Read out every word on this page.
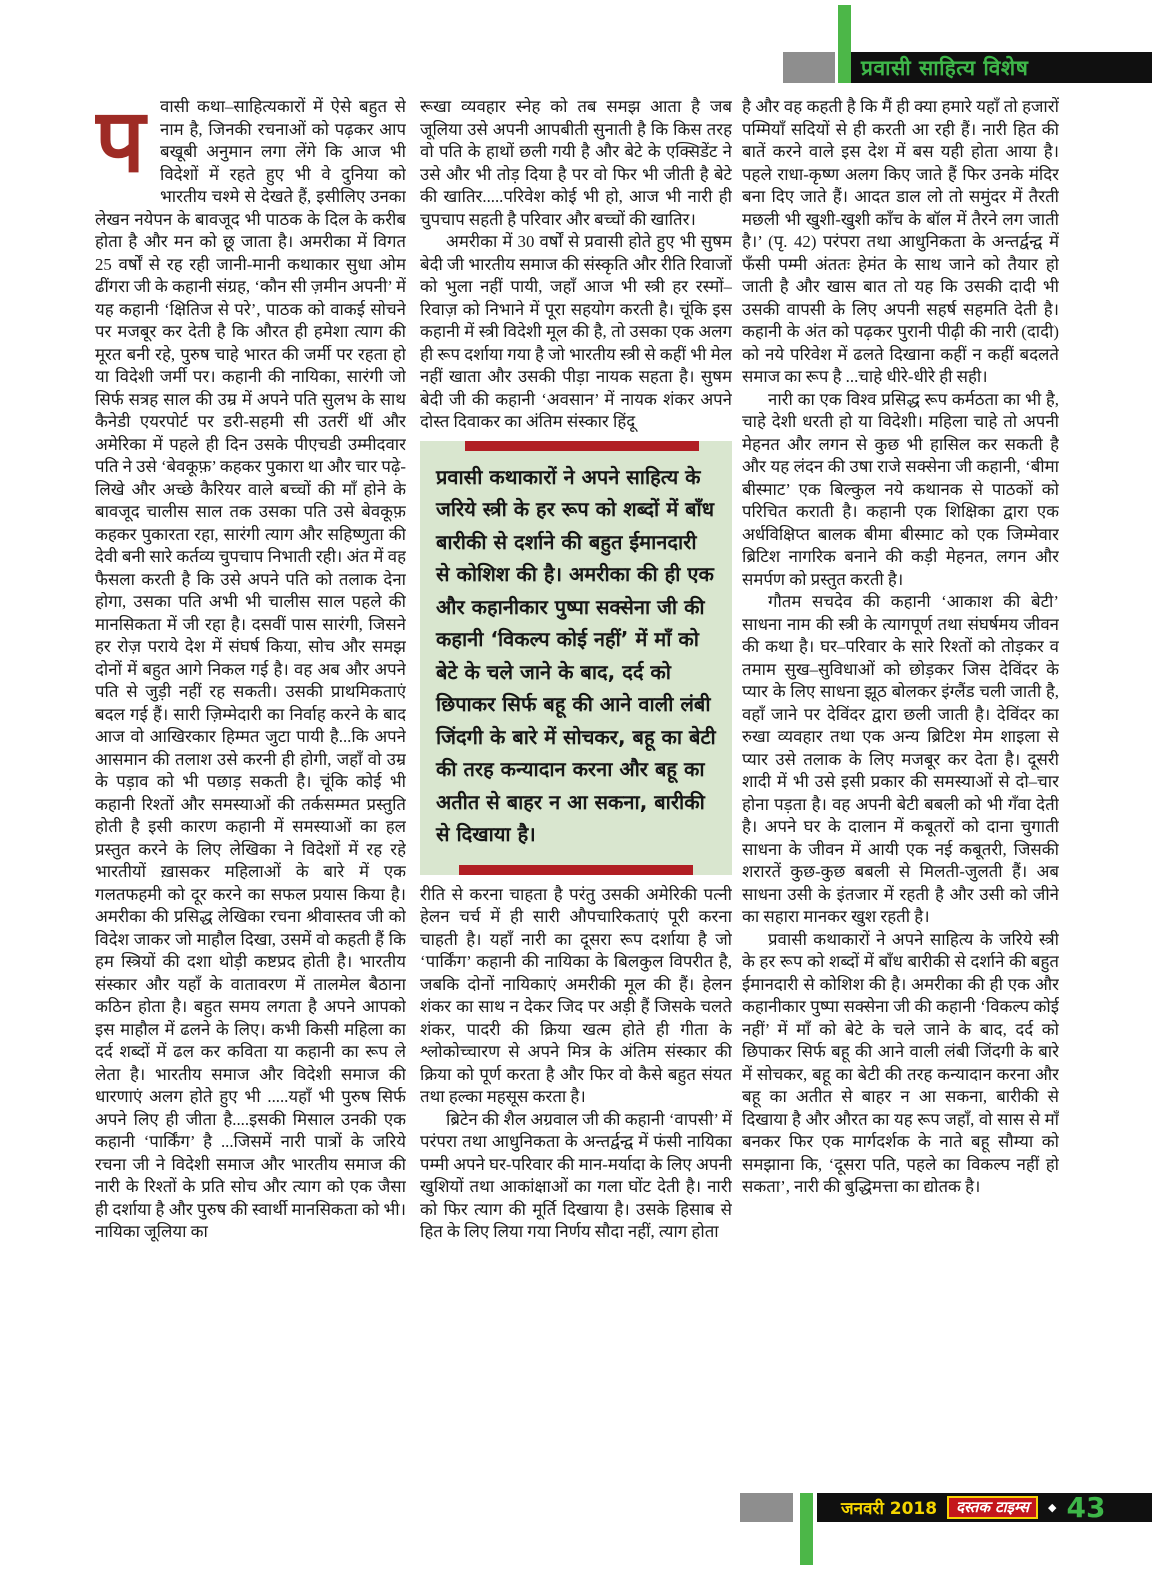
प्रवासी साहित्य विशेष

पवासी कथा–साहित्यकारों में ऐसे बहुत से नाम है, जिनकी रचनाओं को पढ़कर आप बखूबी अनुमान लगा लेंगे कि आज भी विदेशों में रहते हुए भी वे दुनिया को भारतीय चश्मे से देखते हैं, इसीलिए उनका लेखन नयेपन के बावजूद भी पाठक के दिल के करीब होता है और मन को छू जाता है। अमरीका में विगत 25 वर्षों से रह रही जानी-मानी कथाकार सुधा ओम ढींगरा जी के कहानी संग्रह, ‘कौन सी ज़मीन अपनी’ में यह कहानी ‘क्षितिज से परे’, पाठक को वाकई सोचने पर मजबूर कर देती है कि औरत ही हमेशा त्याग की मूरत बनी रहे, पुरुष चाहे भारत की जर्मी पर रहता हो या विदेशी जर्मी पर। कहानी की नायिका, सारंगी जो सिर्फ सत्रह साल की उम्र में अपने पति सुलभ के साथ कैनेडी एयरपोर्ट पर डरी-सहमी सी उतरीं थीं और अमेरिका में पहले ही दिन उसके पीएचडी उम्मीदवार पति ने उसे ‘बेवकूफ़’ कहकर पुकारा था और चार पढ़े-लिखे और अच्छे कैरियर वाले बच्चों की माँ होने के बावजूद चालीस साल तक उसका पति उसे बेवकूफ़ कहकर पुकारता रहा, सारंगी त्याग और सहिष्णुता की देवी बनी सारे कर्तव्य चुपचाप निभाती रही। अंत में वह फैसला करती है कि उसे अपने पति को तलाक देना होगा, उसका पति अभी भी चालीस साल पहले की मानसिकता में जी रहा है। दसवीं पास सारंगी, जिसने हर रोज़ पराये देश में संघर्ष किया, सोच और समझ दोनों में बहुत आगे निकल गई है। वह अब और अपने पति से जुड़ी नहीं रह सकती। उसकी प्राथमिकताएं बदल गई हैं। सारी ज़िम्मेदारी का निर्वाह करने के बाद आज वो आखिरकार हिम्मत जुटा पायी है...कि अपने आसमान की तलाश उसे करनी ही होगी, जहाँ वो उम्र के पड़ाव को भी पछाड़ सकती है। चूंकि कोई भी कहानी रिश्तों और समस्याओं की तर्कसम्मत प्रस्तुति होती है इसी कारण कहानी में समस्याओं का हल प्रस्तुत करने के लिए लेखिका ने विदेशों में रह रहे भारतीयों ख़ासकर महिलाओं के बारे में एक गलतफहमी को दूर करने का सफल प्रयास किया है। अमरीका की प्रसिद्ध लेखिका रचना श्रीवास्तव जी को विदेश जाकर जो माहौल दिखा, उसमें वो कहती हैं कि हम स्त्रियों की दशा थोड़ी कष्टप्रद होती है। भारतीय संस्कार और यहाँ के वातावरण में तालमेल बैठाना कठिन होता है। बहुत समय लगता है अपने आपको इस माहौल में ढलने के लिए। कभी किसी महिला का दर्द शब्दों में ढल कर कविता या कहानी का रूप ले लेता है। भारतीय समाज और विदेशी समाज की धारणाएं अलग होते हुए भी .....यहाँ भी पुरुष सिर्फ अपने लिए ही जीता है....इसकी मिसाल उनकी एक कहानी ‘पार्किंग’ है ...जिसमें नारी पात्रों के जरिये रचना जी ने विदेशी समाज और भारतीय समाज की नारी के रिश्तों के प्रति सोच और त्याग को एक जैसा ही दर्शाया है और पुरुष की स्वार्थी मानसिकता को भी। नायिका जूलिया का

रूखा व्यवहार स्नेह को तब समझ आता है जब जूलिया उसे अपनी आपबीती सुनाती है कि किस तरह वो पति के हाथों छली गयी है और बेटे के एक्सिडेंट ने उसे और भी तोड़ दिया है पर वो फिर भी जीती है बेटे की खातिर.....परिवेश कोई भी हो, आज भी नारी ही चुपचाप सहती है परिवार और बच्चों की खातिर।

अमरीका में 30 वर्षों से प्रवासी होते हुए भी सुषम बेदी जी भारतीय समाज की संस्कृति और रीति रिवाजों को भुला नहीं पायी, जहाँ आज भी स्त्री हर रस्मों–रिवाज़ को निभाने में पूरा सहयोग करती है। चूंकि इस कहानी में स्त्री विदेशी मूल की है, तो उसका एक अलग ही रूप दर्शाया गया है जो भारतीय स्त्री से कहीं भी मेल नहीं खाता और उसकी पीड़ा नायक सहता है। सुषम बेदी जी की कहानी ‘अवसान’ में नायक शंकर अपने दोस्त दिवाकर का अंतिम संस्कार हिंदू

प्रवासी कथाकारों ने अपने साहित्य के जरिये स्त्री के हर रूप को शब्दों में बाँध बारीकी से दर्शाने की बहुत ईमानदारी से कोशिश की है। अमरीका की ही एक और कहानीकार पुष्पा सक्सेना जी की कहानी ‘विकल्प कोई नहीं’ में माँ को बेटे के चले जाने के बाद, दर्द को छिपाकर सिर्फ बहू की आने वाली लंबी जिंदगी के बारे में सोचकर, बहू का बेटी की तरह कन्यादान करना और बहू का अतीत से बाहर न आ सकना, बारीकी से दिखाया है।

रीति से करना चाहता है परंतु उसकी अमेरिकी पत्नी हेलन चर्च में ही सारी औपचारिकताएं पूरी करना चाहती है। यहाँ नारी का दूसरा रूप दर्शाया है जो ‘पार्किंग’ कहानी की नायिका के बिलकुल विपरीत है, जबकि दोनों नायिकाएं अमरीकी मूल की हैं। हेलन शंकर का साथ न देकर जिद पर अड़ी हैं जिसके चलते शंकर, पादरी की क्रिया खत्म होते ही गीता के श्लोकोच्चारण से अपने मित्र के अंतिम संस्कार की क्रिया को पूर्ण करता है और फिर वो कैसे बहुत संयत तथा हल्का महसूस करता है।

ब्रिटेन की शैल अग्रवाल जी की कहानी ‘वापसी’ में परंपरा तथा आधुनिकता के अन्तर्द्वन्द्व में फंसी नायिका पम्मी अपने घर-परिवार की मान-मर्यादा के लिए अपनी खुशियों तथा आकांक्षाओं का गला घोंट देती है। नारी को फिर त्याग की मूर्ति दिखाया है। उसके हिसाब से हित के लिए लिया गया निर्णय सौदा नहीं, त्याग होता

है और वह कहती है कि मैं ही क्या हमारे यहाँ तो हजारों पम्मियाँ सदियों से ही करती आ रही हैं। नारी हित की बातें करने वाले इस देश में बस यही होता आया है। पहले राधा-कृष्ण अलग किए जाते हैं फिर उनके मंदिर बना दिए जाते हैं। आदत डाल लो तो समुंदर में तैरती मछली भी खुशी-खुशी काँच के बॉल में तैरने लग जाती है।’ (पृ. 42) परंपरा तथा आधुनिकता के अन्तर्द्वन्द्व में फँसी पम्मी अंततः हेमंत के साथ जाने को तैयार हो जाती है और खास बात तो यह कि उसकी दादी भी उसकी वापसी के लिए अपनी सहर्ष सहमति देती है। कहानी के अंत को पढ़कर पुरानी पीढ़ी की नारी (दादी) को नये परिवेश में ढलते दिखाना कहीं न कहीं बदलते समाज का रूप है ...चाहे धीरे-धीरे ही सही।

नारी का एक विश्व प्रसिद्ध रूप कर्मठता का भी है, चाहे देशी धरती हो या विदेशी। महिला चाहे तो अपनी मेहनत और लगन से कुछ भी हासिल कर सकती है और यह लंदन की उषा राजे सक्सेना जी कहानी, ‘बीमा बीस्माट’ एक बिल्कुल नये कथानक से पाठकों को परिचित कराती है। कहानी एक शिक्षिका द्वारा एक अर्धविक्षिप्त बालक बीमा बीस्माट को एक जिम्मेवार ब्रिटिश नागरिक बनाने की कड़ी मेहनत, लगन और समर्पण को प्रस्तुत करती है।

गौतम सचदेव की कहानी ‘आकाश की बेटी’ साधना नाम की स्त्री के त्यागपूर्ण तथा संघर्षमय जीवन की कथा है। घर–परिवार के सारे रिश्तों को तोड़कर व तमाम सुख–सुविधाओं को छोड़कर जिस देविंदर के प्यार के लिए साधना झूठ बोलकर इंग्लैंड चली जाती है, वहाँ जाने पर देविंदर द्वारा छली जाती है। देविंदर का रुखा व्यवहार तथा एक अन्य ब्रिटिश मेम शाइला से प्यार उसे तलाक के लिए मजबूर कर देता है। दूसरी शादी में भी उसे इसी प्रकार की समस्याओं से दो–चार होना पड़ता है। वह अपनी बेटी बबली को भी गँवा देती है। अपने घर के दालान में कबूतरों को दाना चुगाती साधना के जीवन में आयी एक नई कबूतरी, जिसकी शरारतें कुछ-कुछ बबली से मिलती-जुलती हैं। अब साधना उसी के इंतजार में रहती है और उसी को जीने का सहारा मानकर खुश रहती है।

प्रवासी कथाकारों ने अपने साहित्य के जरिये स्त्री के हर रूप को शब्दों में बाँध बारीकी से दर्शाने की बहुत ईमानदारी से कोशिश की है। अमरीका की ही एक और कहानीकार पुष्पा सक्सेना जी की कहानी ‘विकल्प कोई नहीं’ में माँ को बेटे के चले जाने के बाद, दर्द को छिपाकर सिर्फ बहू की आने वाली लंबी जिंदगी के बारे में सोचकर, बहू का बेटी की तरह कन्यादान करना और बहू का अतीत से बाहर न आ सकना, बारीकी से दिखाया है और औरत का यह रूप जहाँ, वो सास से माँ बनकर फिर एक मार्गदर्शक के नाते बहू सौम्या को समझाना कि, ‘दूसरा पति, पहले का विकल्प नहीं हो सकता’, नारी की बुद्धिमत्ता का द्योतक है।

जनवरी 2018	दस्तक टाइम्स	◆ 43
